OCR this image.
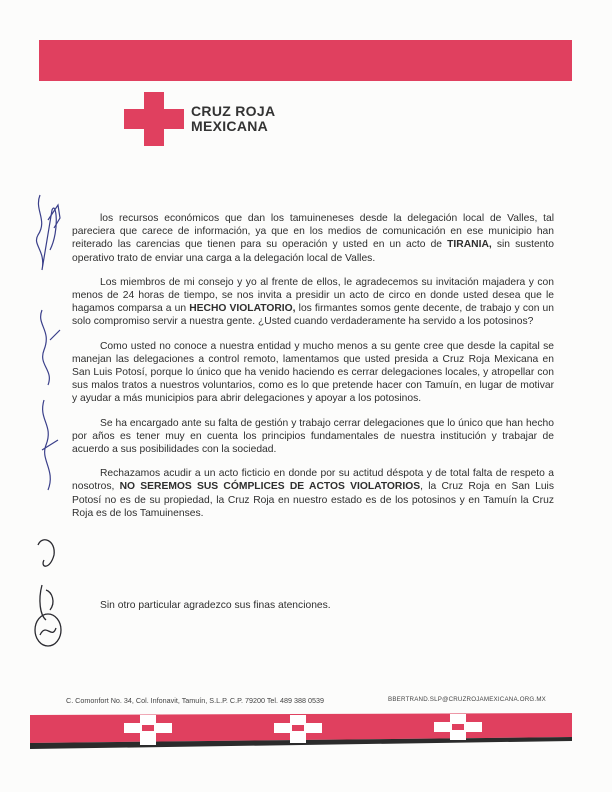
CRUZ ROJA
MEXICANA

los recursos económicos que dan los tamuineneses desde la delegación local de Valles, tal pareciera que carece de información, ya que en los medios de comunicación en ese municipio han reiterado las carencias que tienen para su operación y usted en un acto de TIRANIA, sin sustento operativo trato de enviar una carga a la delegación local de Valles.

Los miembros de mi consejo y yo al frente de ellos, le agradecemos su invitación majadera y con menos de 24 horas de tiempo, se nos invita a presidir un acto de circo en donde usted desea que le hagamos comparsa a un HECHO VIOLATORIO, los firmantes somos gente decente, de trabajo y con un solo compromiso servir a nuestra gente. ¿Usted cuando verdaderamente ha servido a los potosinos?

Como usted no conoce a nuestra entidad y mucho menos a su gente cree que desde la capital se manejan las delegaciones a control remoto, lamentamos que usted presida a Cruz Roja Mexicana en San Luis Potosí, porque lo único que ha venido haciendo es cerrar delegaciones locales, y atropellar con sus malos tratos a nuestros voluntarios, como es lo que pretende hacer con Tamuín, en lugar de motivar y ayudar a más municipios para abrir delegaciones y apoyar a los potosinos.

Se ha encargado ante su falta de gestión y trabajo cerrar delegaciones que lo único que han hecho por años es tener muy en cuenta los principios fundamentales de nuestra institución y trabajar de acuerdo a sus posibilidades con la sociedad.

Rechazamos acudir a un acto ficticio en donde por su actitud déspota y de total falta de respeto a nosotros, NO SEREMOS SUS CÓMPLICES DE ACTOS VIOLATORIOS, la Cruz Roja en San Luis Potosí no es de su propiedad, la Cruz Roja en nuestro estado es de los potosinos y en Tamuín la Cruz Roja es de los Tamuinenses.

Sin otro particular agradezco sus finas atenciones.
C. Comonfort No. 34, Col. Infonavit, Tamuín, S.L.P. C.P. 79200 Tel. 489 388 0539	BBERTRAND.SLP@CRUZROJAMEXICANA.ORG.MX
